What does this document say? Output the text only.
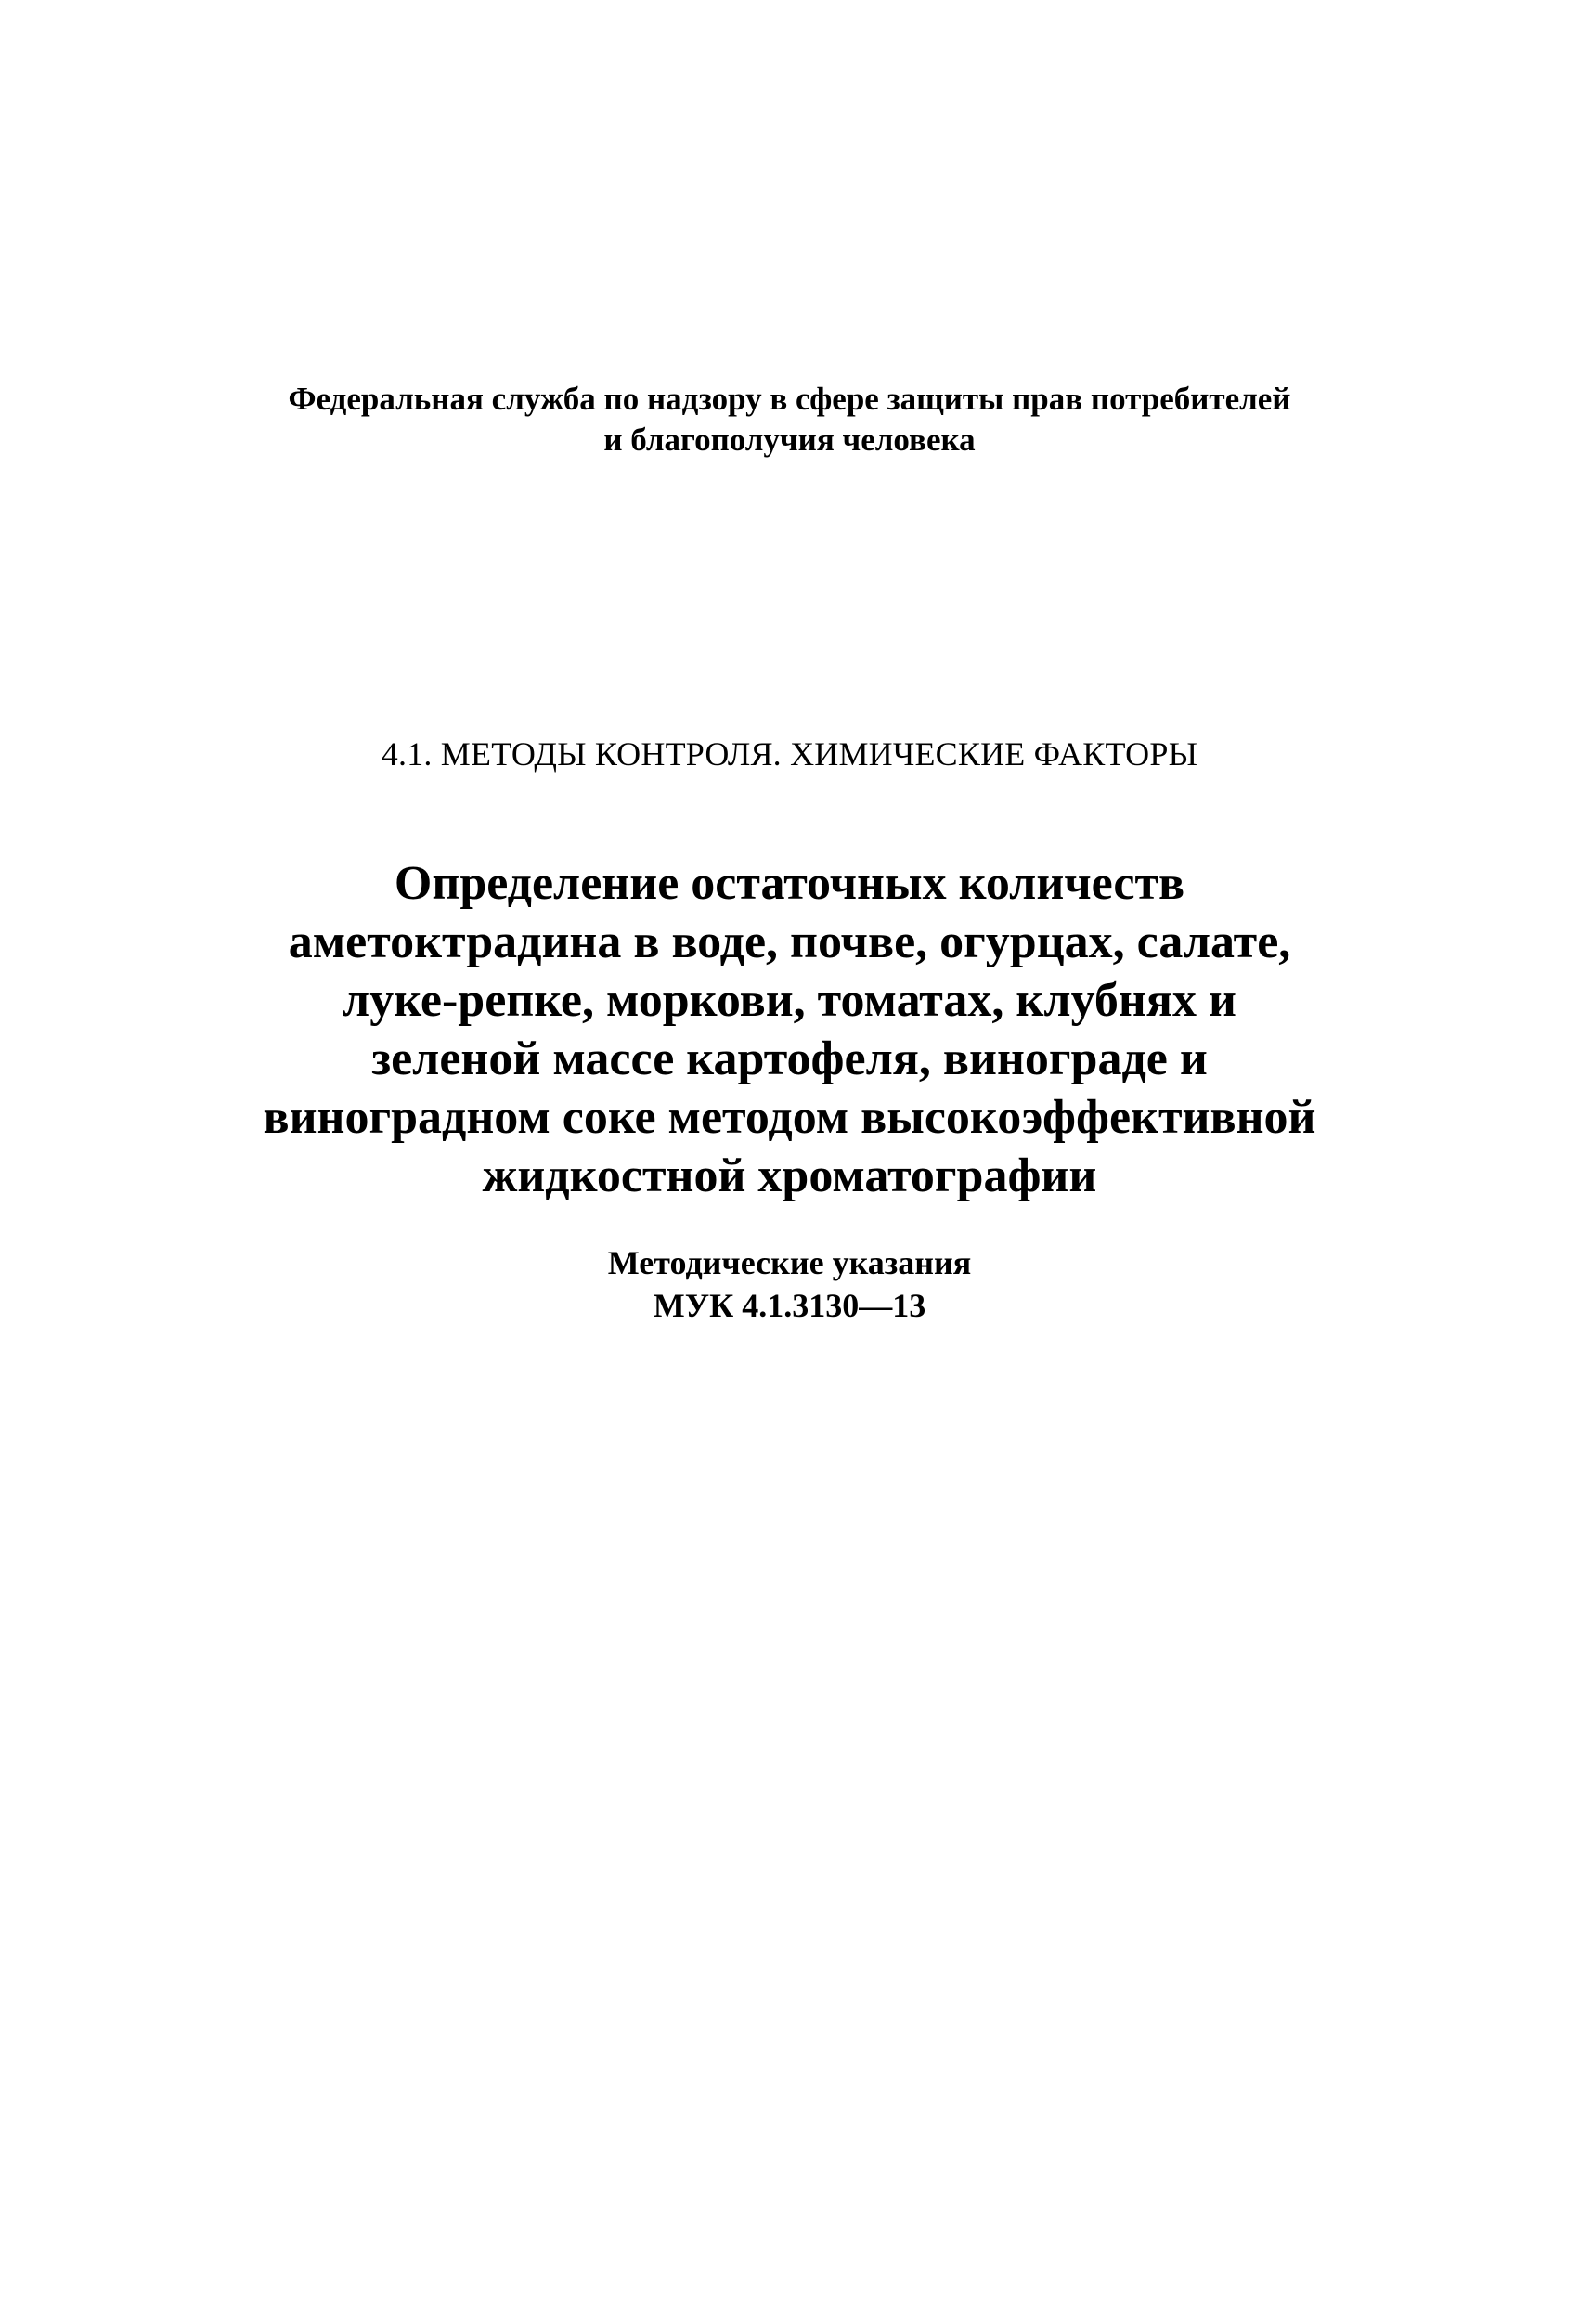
Федеральная служба по надзору в сфере защиты прав потребителей
и благополучия человека
4.1. МЕТОДЫ КОНТРОЛЯ. ХИМИЧЕСКИЕ ФАКТОРЫ
Определение остаточных количеств
аметоктрадина в воде, почве, огурцах, салате,
луке-репке, моркови, томатах, клубнях и
зеленой массе картофеля, винограде и
виноградном соке методом высокоэффективной
жидкостной хроматографии
Методические указания
МУК 4.1.3130—13
